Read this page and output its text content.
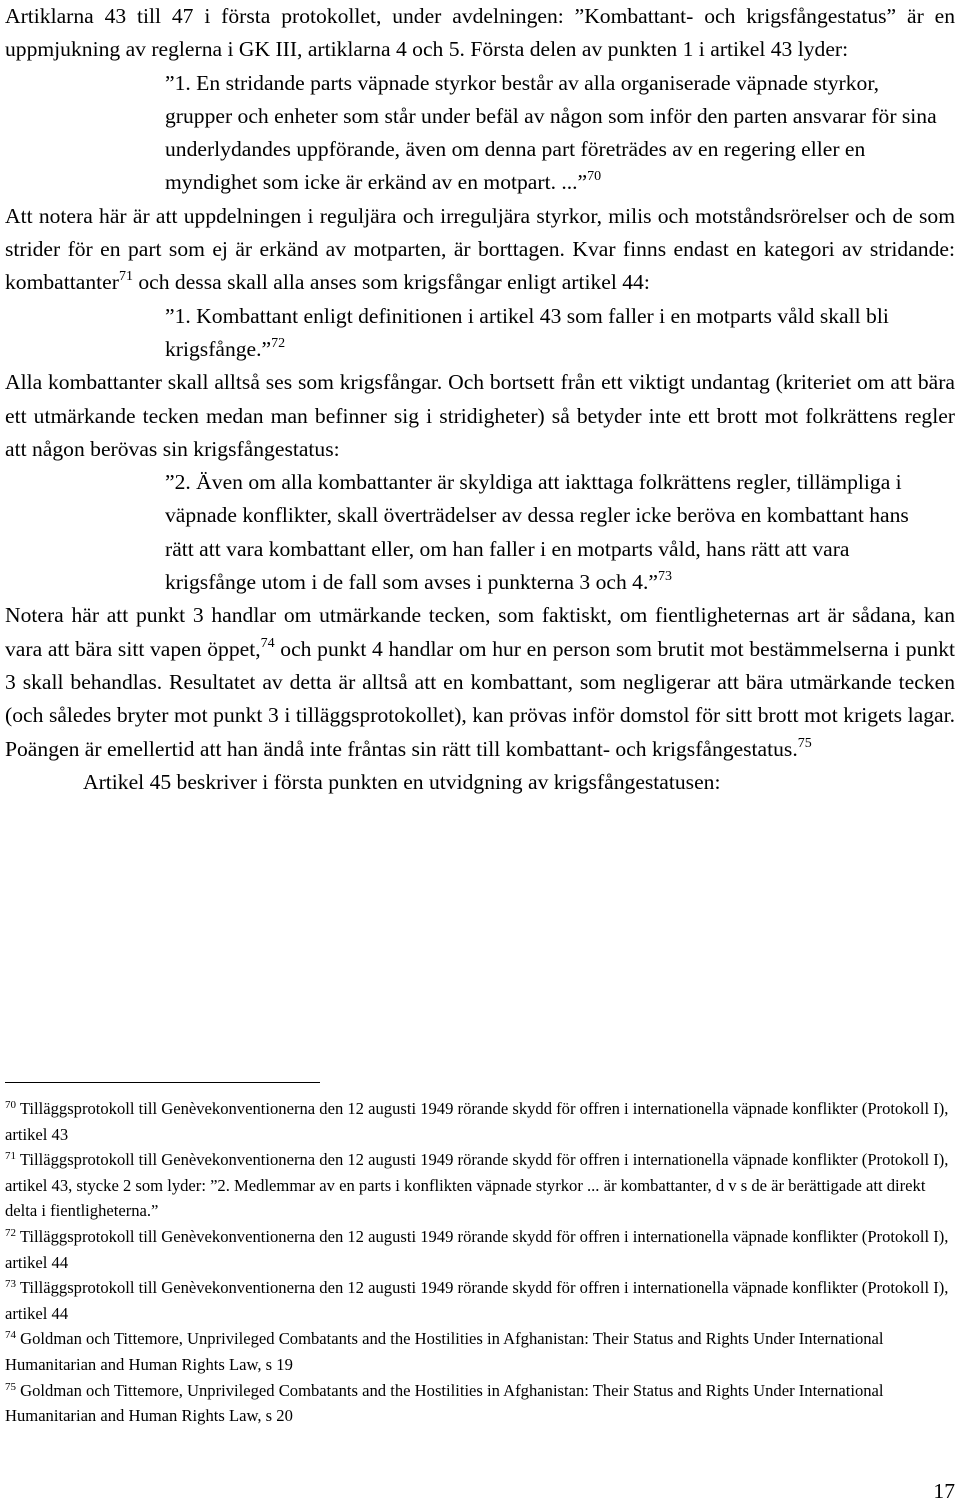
Artiklarna 43 till 47 i första protokollet, under avdelningen: ”Kombattant- och krigsfångestatus” är en uppmjukning av reglerna i GK III, artiklarna 4 och 5. Första delen av punkten 1 i artikel 43 lyder:

”1. En stridande parts väpnade styrkor består av alla organiserade väpnade styrkor, grupper och enheter som står under befäl av någon som inför den parten ansvarar för sina underlydandes uppförande, även om denna part företrädes av en regering eller en myndighet som icke är erkänd av en motpart. ...”$^{70}$

Att notera här är att uppdelningen i reguljära och irreguljära styrkor, milis och motståndsrörelser och de som strider för en part som ej är erkänd av motparten, är borttagen. Kvar finns endast en kategori av stridande: kombattanter$^{71}$ och dessa skall alla anses som krigsfångar enligt artikel 44:

”1. Kombattant enligt definitionen i artikel 43 som faller i en motparts våld skall bli krigsfånge.”$^{72}$

Alla kombattanter skall alltså ses som krigsfångar. Och bortsett från ett viktigt undantag (kriteriet om att bära ett utmärkande tecken medan man befinner sig i stridigheter) så betyder inte ett brott mot folkrättens regler att någon berövas sin krigsfångestatus:

”2. Även om alla kombattanter är skyldiga att iakttaga folkrättens regler, tillämpliga i väpnade konflikter, skall överträdelser av dessa regler icke beröva en kombattant hans rätt att vara kombattant eller, om han faller i en motparts våld, hans rätt att vara krigsfånge utom i de fall som avses i punkterna 3 och 4.”$^{73}$

Notera här att punkt 3 handlar om utmärkande tecken, som faktiskt, om fientligheternas art är sådana, kan vara att bära sitt vapen öppet,$^{74}$ och punkt 4 handlar om hur en person som brutit mot bestämmelserna i punkt 3 skall behandlas. Resultatet av detta är alltså att en kombattant, som negligerar att bära utmärkande tecken (och således bryter mot punkt 3 i tilläggsprotokollet), kan prövas inför domstol för sitt brott mot krigets lagar. Poängen är emellertid att han ändå inte fråntas sin rätt till kombattant- och krigsfångestatus.$^{75}$

Artikel 45 beskriver i första punkten en utvidgning av krigsfångestatusen:

$^{70}$ Tilläggsprotokoll till Genèvekonventionerna den 12 augusti 1949 rörande skydd för offren i internationella väpnade konflikter (Protokoll I), artikel 43

$^{71}$ Tilläggsprotokoll till Genèvekonventionerna den 12 augusti 1949 rörande skydd för offren i internationella väpnade konflikter (Protokoll I), artikel 43, stycke 2 som lyder: ”2. Medlemmar av en parts i konflikten väpnade styrkor ... är kombattanter, d v s de är berättigade att direkt delta i fientligheterna.”

$^{72}$ Tilläggsprotokoll till Genèvekonventionerna den 12 augusti 1949 rörande skydd för offren i internationella väpnade konflikter (Protokoll I), artikel 44

$^{73}$ Tilläggsprotokoll till Genèvekonventionerna den 12 augusti 1949 rörande skydd för offren i internationella väpnade konflikter (Protokoll I), artikel 44

$^{74}$ Goldman och Tittemore, Unprivileged Combatants and the Hostilities in Afghanistan: Their Status and Rights Under International Humanitarian and Human Rights Law, s 19

$^{75}$ Goldman och Tittemore, Unprivileged Combatants and the Hostilities in Afghanistan: Their Status and Rights Under International Humanitarian and Human Rights Law, s 20

17
